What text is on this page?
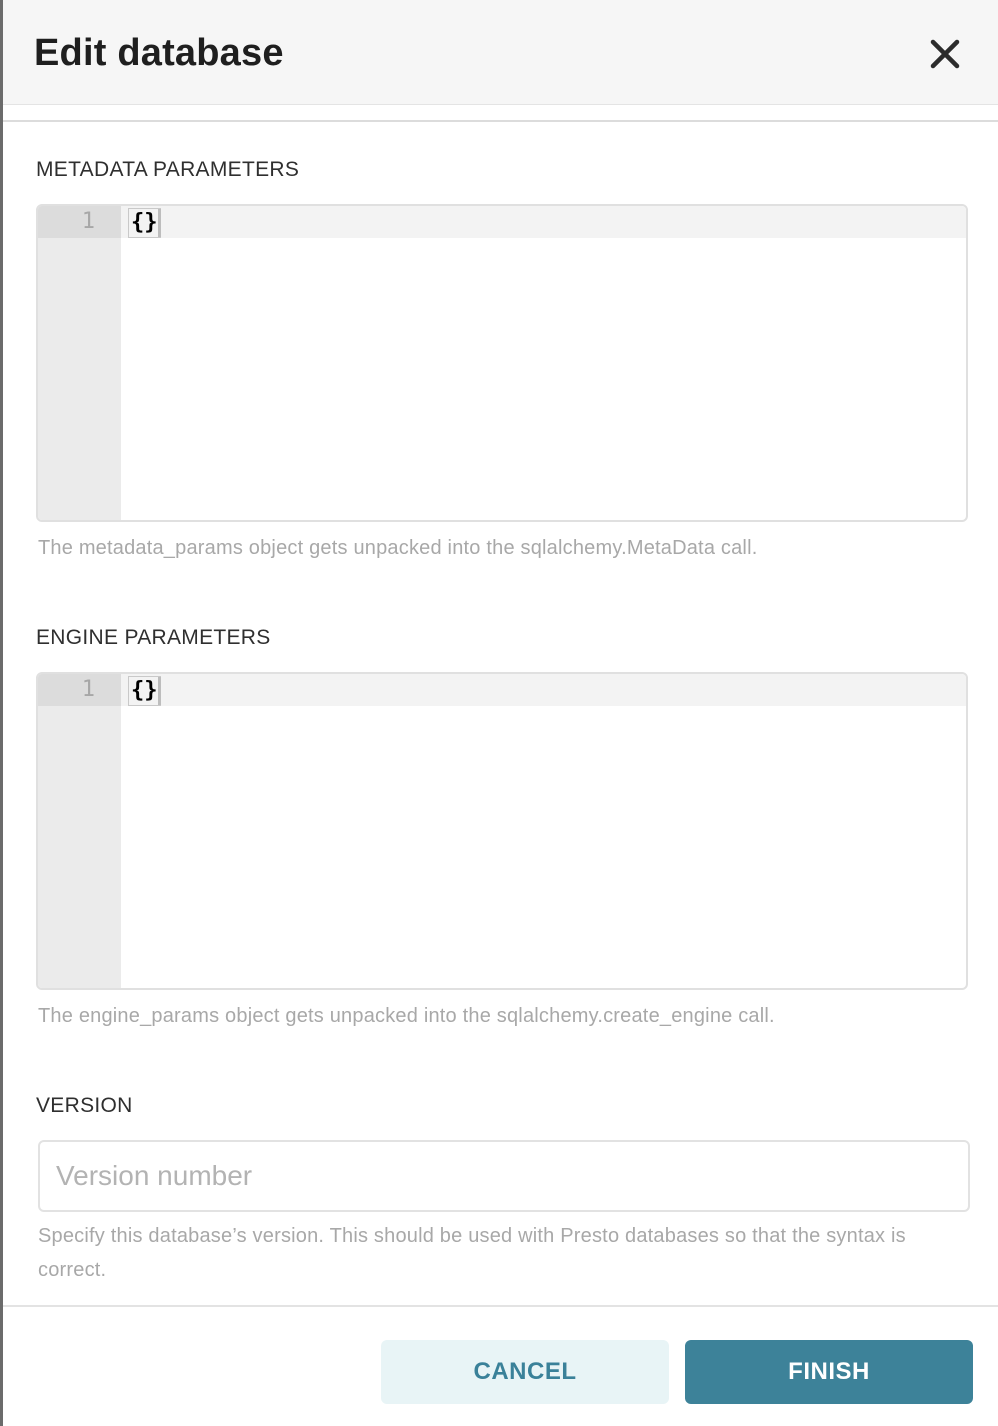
Edit database
METADATA PARAMETERS
1 {}
The metadata_params object gets unpacked into the sqlalchemy.MetaData call.
ENGINE PARAMETERS
1 {}
The engine_params object gets unpacked into the sqlalchemy.create_engine call.
VERSION
Version number
Specify this database’s version. This should be used with Presto databases so that the syntax is correct.
CANCEL	FINISH
